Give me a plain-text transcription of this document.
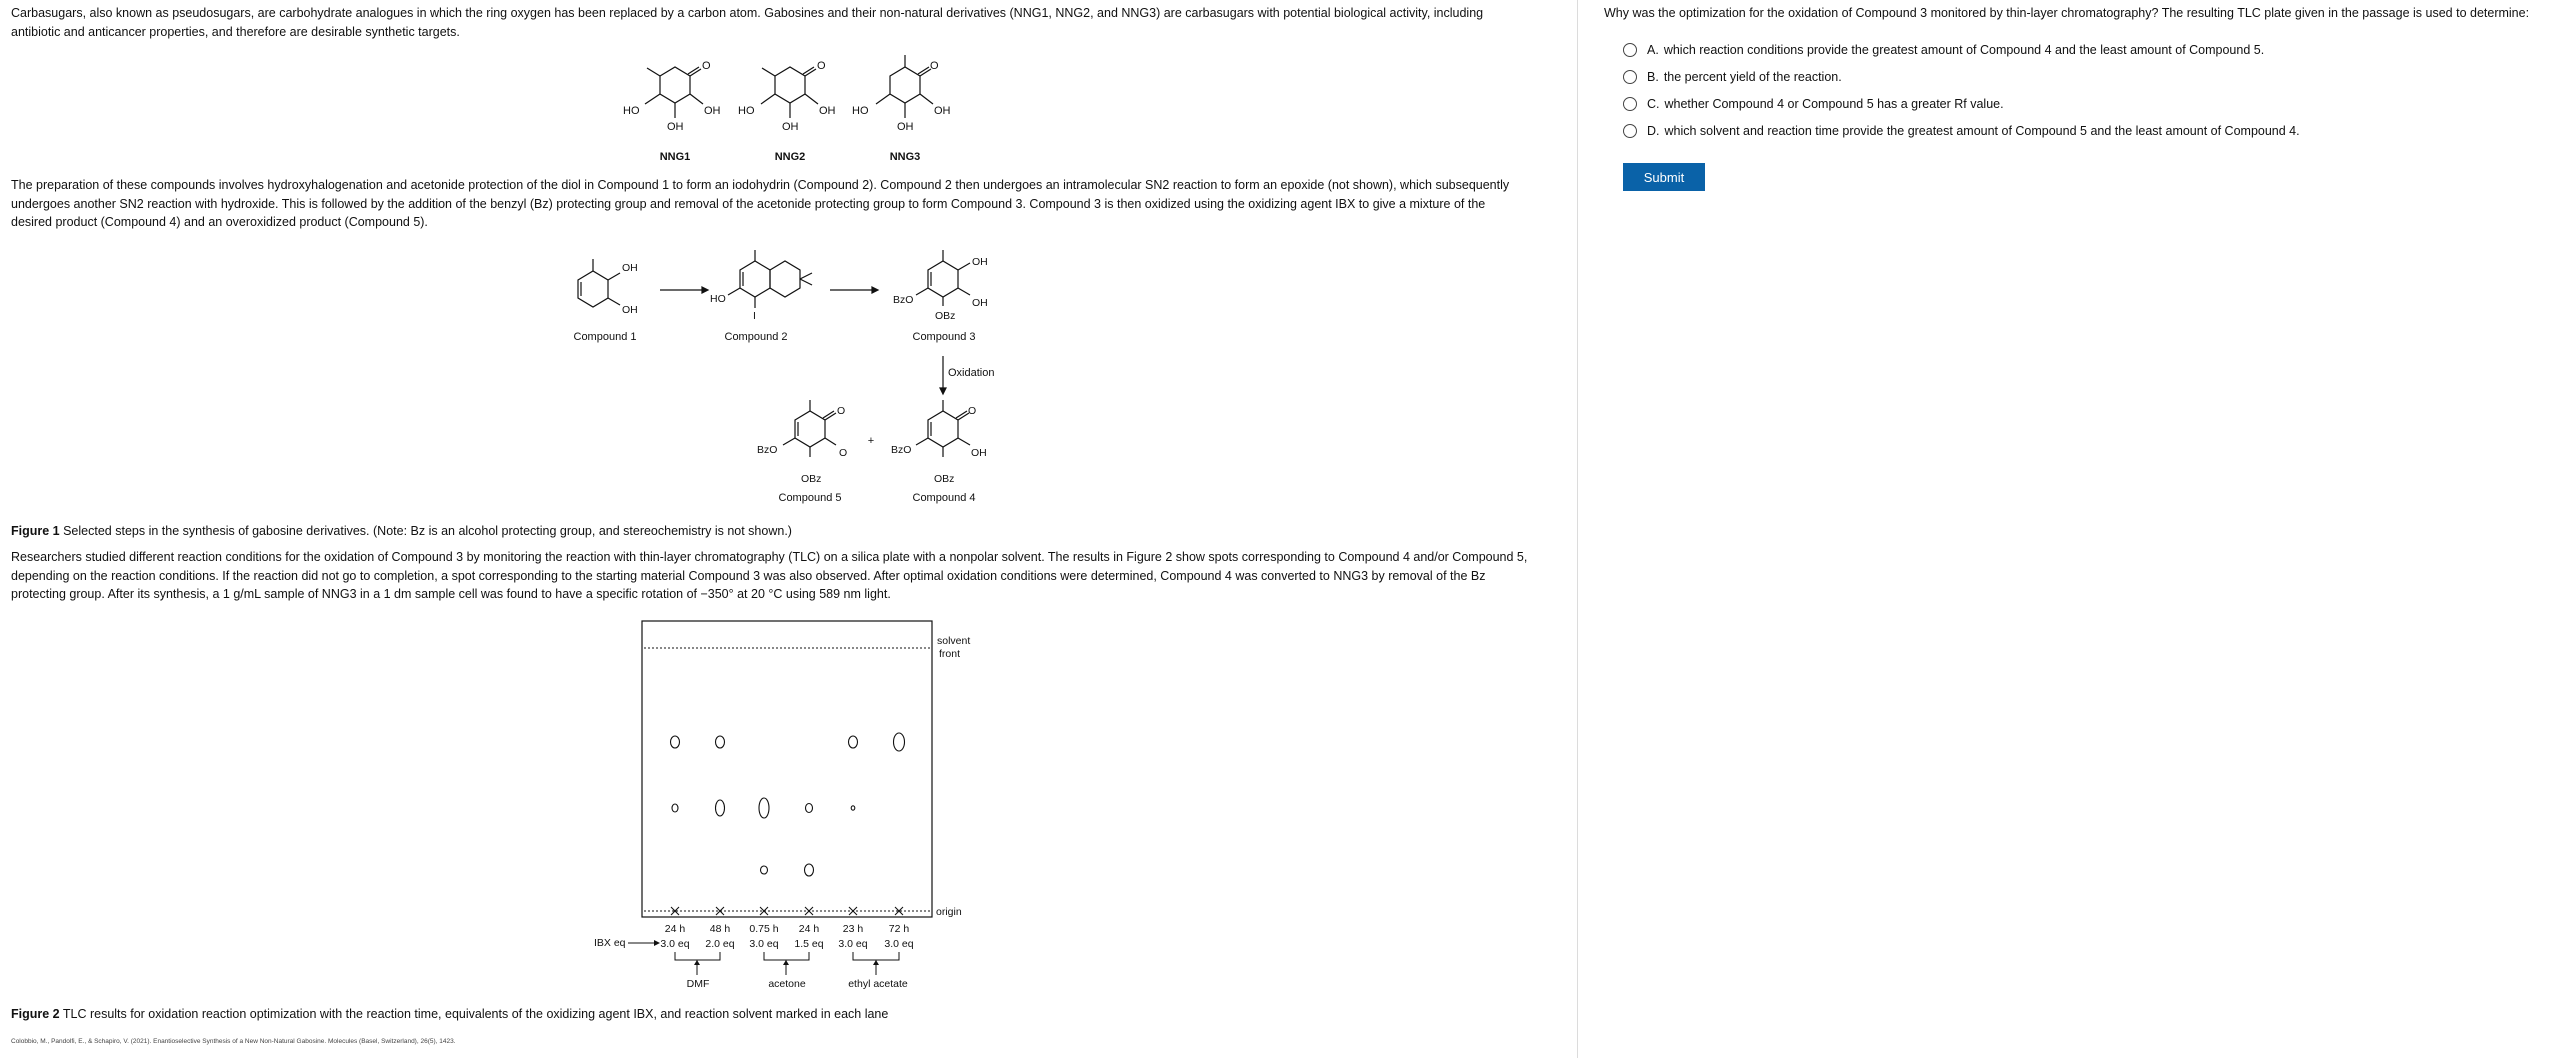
Carbasugars, also known as pseudosugars, are carbohydrate analogues in which the ring oxygen has been replaced by a carbon atom. Gabosines and their non-natural derivatives (NNG1, NNG2, and NNG3) are carbasugars with potential biological activity, including
antibiotic and anticancer properties, and therefore are desirable synthetic targets.

O	O	O
HO	OH
OH
HO	OH
OH
HO	OH
OH
NNG1	NNG2	NNG3

The preparation of these compounds involves hydroxyhalogenation and acetonide protection of the diol in Compound 1 to form an iodohydrin (Compound 2). Compound 2 then undergoes an intramolecular SN2 reaction to form an epoxide (not shown), which subsequently
undergoes another SN2 reaction with hydroxide. This is followed by the addition of the benzyl (Bz) protecting group and removal of the acetonide protecting group to form Compound 3. Compound 3 is then oxidized using the oxidizing agent IBX to give a mixture of the
desired product (Compound 4) and an overoxidized product (Compound 5).

OH
OH
HO
I
OH
OH
BzO
OBz
O
O
BzO
OBz
O
OH
BzO
OBz
Compound 1	Compound 2	Compound 3
Oxidation
+
Compound 5	Compound 4

Figure 1 Selected steps in the synthesis of gabosine derivatives. (Note: Bz is an alcohol protecting group, and stereochemistry is not shown.)

Researchers studied different reaction conditions for the oxidation of Compound 3 by monitoring the reaction with thin-layer chromatography (TLC) on a silica plate with a nonpolar solvent. The results in Figure 2 show spots corresponding to Compound 4 and/or Compound 5,
depending on the reaction conditions. If the reaction did not go to completion, a spot corresponding to the starting material Compound 3 was also observed. After optimal oxidation conditions were determined, Compound 4 was converted to NNG3 by removal of the Bz
protecting group. After its synthesis, a 1 g/mL sample of NNG3 in a 1 dm sample cell was found to have a specific rotation of −350° at 20 °C using 589 nm light.

solvent
front
origin
IBX eq
24 h 48 h 0.75 h 24 h 23 h 72 h
3.0 eq 2.0 eq 3.0 eq 1.5 eq 3.0 eq 3.0 eq
DMF	acetone	ethyl acetate

Figure 2 TLC results for oxidation reaction optimization with the reaction time, equivalents of the oxidizing agent IBX, and reaction solvent marked in each lane

Colobbio, M., Pandolfi, E., & Schapiro, V. (2021). Enantioselective Synthesis of a New Non-Natural Gabosine. Molecules (Basel, Switzerland), 26(5), 1423.

Why was the optimization for the oxidation of Compound 3 monitored by thin-layer chromatography? The resulting TLC plate given in the passage is used to determine:

A. which reaction conditions provide the greatest amount of Compound 4 and the least amount of Compound 5.
B. the percent yield of the reaction.
C. whether Compound 4 or Compound 5 has a greater Rf value.
D. which solvent and reaction time provide the greatest amount of Compound 5 and the least amount of Compound 4.
Submit
